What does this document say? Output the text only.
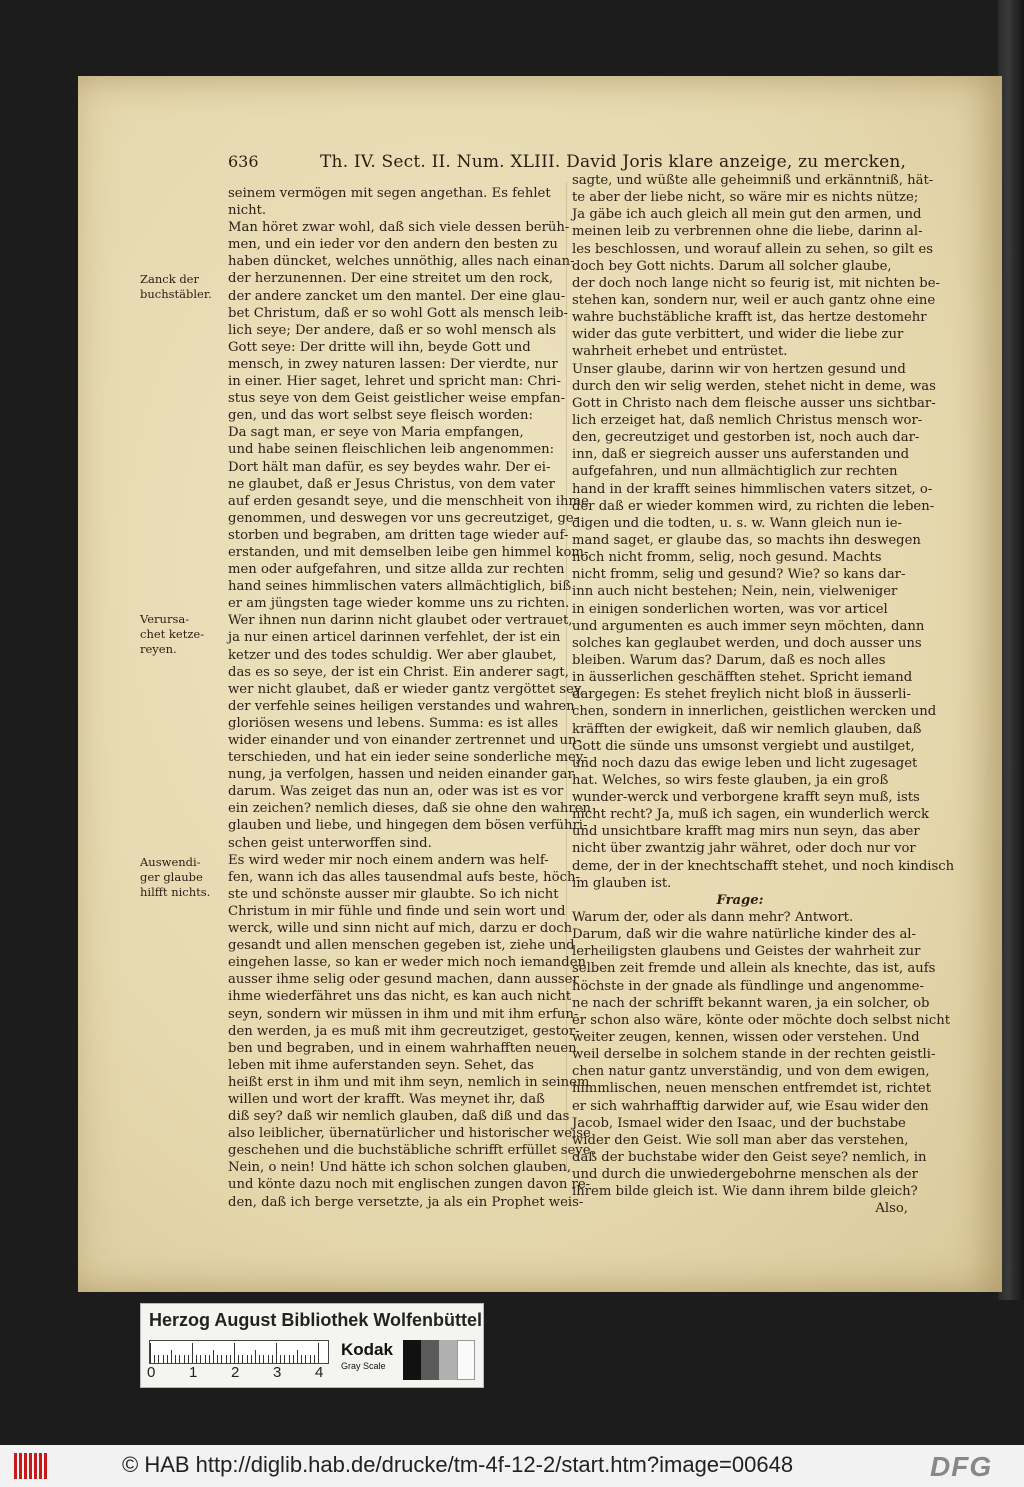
636	Th. IV. Sect. II. Num. XLIII. David Joris klare anzeige, zu mercken,
Zanck der
buchstäbler.
Verursa-
chet ketze-
reyen.
Auswendi-
ger glaube
hilfft nichts.
seinem vermögen mit segen angethan. Es fehlet
nicht.
Man höret zwar wohl, daß sich viele dessen berüh-
men, und ein ieder vor den andern den besten zu
haben düncket, welches unnöthig, alles nach einan-
der herzunennen. Der eine streitet um den rock,
der andere zancket um den mantel. Der eine glau-
bet Christum, daß er so wohl Gott als mensch leib-
lich seye; Der andere, daß er so wohl mensch als
Gott seye: Der dritte will ihn, beyde Gott und
mensch, in zwey naturen lassen: Der vierdte, nur
in einer. Hier saget, lehret und spricht man: Chri-
stus seye von dem Geist geistlicher weise empfan-
gen, und das wort selbst seye fleisch worden:
Da sagt man, er seye von Maria empfangen,
und habe seinen fleischlichen leib angenommen:
Dort hält man dafür, es sey beydes wahr. Der ei-
ne glaubet, daß er Jesus Christus, von dem vater
auf erden gesandt seye, und die menschheit von ihme
genommen, und deswegen vor uns gecreutziget, ge-
storben und begraben, am dritten tage wieder auf-
erstanden, und mit demselben leibe gen himmel kom-
men oder aufgefahren, und sitze allda zur rechten
hand seines himmlischen vaters allmächtiglich, biß
er am jüngsten tage wieder komme uns zu richten.
Wer ihnen nun darinn nicht glaubet oder vertrauet,
ja nur einen articel darinnen verfehlet, der ist ein
ketzer und des todes schuldig. Wer aber glaubet,
das es so seye, der ist ein Christ. Ein anderer sagt,
wer nicht glaubet, daß er wieder gantz vergöttet sey,
der verfehle seines heiligen verstandes und wahren
gloriösen wesens und lebens. Summa: es ist alles
wider einander und von einander zertrennet und un-
terschieden, und hat ein ieder seine sonderliche mey-
nung, ja verfolgen, hassen und neiden einander gar
darum. Was zeiget das nun an, oder was ist es vor
ein zeichen? nemlich dieses, daß sie ohne den wahren
glauben und liebe, und hingegen dem bösen verführi-
schen geist unterworffen sind.
Es wird weder mir noch einem andern was helf-
fen, wann ich das alles tausendmal aufs beste, höch-
ste und schönste ausser mir glaubte. So ich nicht
Christum in mir fühle und finde und sein wort und
werck, wille und sinn nicht auf mich, darzu er doch
gesandt und allen menschen gegeben ist, ziehe und
eingehen lasse, so kan er weder mich noch iemanden
ausser ihme selig oder gesund machen, dann ausser
ihme wiederfähret uns das nicht, es kan auch nicht
seyn, sondern wir müssen in ihm und mit ihm erfun-
den werden, ja es muß mit ihm gecreutziget, gestor-
ben und begraben, und in einem wahrhafften neuen
leben mit ihme auferstanden seyn. Sehet, das
heißt erst in ihm und mit ihm seyn, nemlich in seinem
willen und wort der krafft. Was meynet ihr, daß
diß sey? daß wir nemlich glauben, daß diß und das
also leiblicher, übernatürlicher und historischer weise
geschehen und die buchstäbliche schrifft erfüllet seye.
Nein, o nein! Und hätte ich schon solchen glauben,
und könte dazu noch mit englischen zungen davon re-
den, daß ich berge versetzte, ja als ein Prophet weis-
sagte, und wüßte alle geheimniß und erkänntniß, hät-
te aber der liebe nicht, so wäre mir es nichts nütze;
Ja gäbe ich auch gleich all mein gut den armen, und
meinen leib zu verbrennen ohne die liebe, darinn al-
les beschlossen, und worauf allein zu sehen, so gilt es
doch bey Gott nichts. Darum all solcher glaube,
der doch noch lange nicht so feurig ist, mit nichten be-
stehen kan, sondern nur, weil er auch gantz ohne eine
wahre buchstäbliche krafft ist, das hertze destomehr
wider das gute verbittert, und wider die liebe zur
wahrheit erhebet und entrüstet.
Unser glaube, darinn wir von hertzen gesund und
durch den wir selig werden, stehet nicht in deme, was
Gott in Christo nach dem fleische ausser uns sichtbar-
lich erzeiget hat, daß nemlich Christus mensch wor-
den, gecreutziget und gestorben ist, noch auch dar-
inn, daß er siegreich ausser uns auferstanden und
aufgefahren, und nun allmächtiglich zur rechten
hand in der krafft seines himmlischen vaters sitzet, o-
der daß er wieder kommen wird, zu richten die leben-
digen und die todten, u. s. w. Wann gleich nun ie-
mand saget, er glaube das, so machts ihn deswegen
noch nicht fromm, selig, noch gesund. Machts
nicht fromm, selig und gesund? Wie? so kans dar-
inn auch nicht bestehen; Nein, nein, vielweniger
in einigen sonderlichen worten, was vor articel
und argumenten es auch immer seyn möchten, dann
solches kan geglaubet werden, und doch ausser uns
bleiben. Warum das? Darum, daß es noch alles
in äusserlichen geschäfften stehet. Spricht iemand
dargegen: Es stehet freylich nicht bloß in äusserli-
chen, sondern in innerlichen, geistlichen wercken und
kräfften der ewigkeit, daß wir nemlich glauben, daß
Gott die sünde uns umsonst vergiebt und austilget,
und noch dazu das ewige leben und licht zugesaget
hat. Welches, so wirs feste glauben, ja ein groß
wunder-werck und verborgene krafft seyn muß, ists
nicht recht? Ja, muß ich sagen, ein wunderlich werck
und unsichtbare krafft mag mirs nun seyn, das aber
nicht über zwantzig jahr währet, oder doch nur vor
deme, der in der knechtschafft stehet, und noch kindisch
im glauben ist.
Frage:
Warum der, oder als dann mehr? Antwort.
Darum, daß wir die wahre natürliche kinder des al-
lerheiligsten glaubens und Geistes der wahrheit zur
selben zeit fremde und allein als knechte, das ist, aufs
höchste in der gnade als fündlinge und angenomme-
ne nach der schrifft bekannt waren, ja ein solcher, ob
er schon also wäre, könte oder möchte doch selbst nicht
weiter zeugen, kennen, wissen oder verstehen. Und
weil derselbe in solchem stande in der rechten geistli-
chen natur gantz unverständig, und von dem ewigen,
himmlischen, neuen menschen entfremdet ist, richtet
er sich wahrhafftig darwider auf, wie Esau wider den
Jacob, Ismael wider den Isaac, und der buchstabe
wider den Geist. Wie soll man aber das verstehen,
daß der buchstabe wider den Geist seye? nemlich, in
und durch die unwiedergebohrne menschen als der
ihrem bilde gleich ist. Wie dann ihrem bilde gleich?
Also,
Herzog August Bibliothek Wolfenbüttel
0 1 2 3 4
Kodak
Gray Scale
© HAB http://diglib.hab.de/drucke/tm-4f-12-2/start.htm?image=00648	DFG
